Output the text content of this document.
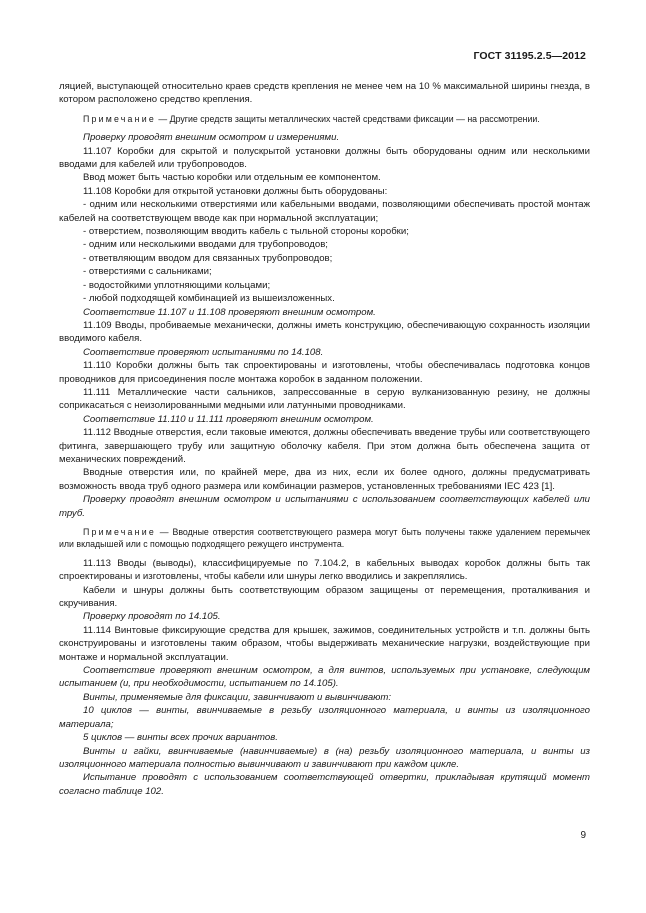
ГОСТ 31195.2.5—2012

ляцией, выступающей относительно краев средств крепления не менее чем на 10 % максимальной ширины гнезда, в котором расположено средство крепления.

Примечание — Другие средств защиты металлических частей средствами фиксации — на рассмотрении.

Проверку проводят внешним осмотром и измерениями.

11.107 Коробки для скрытой и полускрытой установки должны быть оборудованы одним или несколькими вводами для кабелей или трубопроводов.

Ввод может быть частью коробки или отдельным ее компонентом.

11.108 Коробки для открытой установки должны быть оборудованы:

- одним или несколькими отверстиями или кабельными вводами, позволяющими обеспечивать простой монтаж кабелей на соответствующем вводе как при нормальной эксплуатации;

- отверстием, позволяющим вводить кабель с тыльной стороны коробки;

- одним или несколькими вводами для трубопроводов;

- ответвляющим вводом для связанных трубопроводов;

- отверстиями с сальниками;

- водостойкими уплотняющими кольцами;

- любой подходящей комбинацией из вышеизложенных.

Соответствие 11.107 и 11.108 проверяют внешним осмотром.

11.109 Вводы, пробиваемые механически, должны иметь конструкцию, обеспечивающую сохранность изоляции вводимого кабеля.

Соответствие проверяют испытаниями по 14.108.

11.110 Коробки должны быть так спроектированы и изготовлены, чтобы обеспечивалась подготовка концов проводников для присоединения после монтажа коробок в заданном положении.

11.111 Металлические части сальников, запрессованные в серую вулканизованную резину, не должны соприкасаться с неизолированными медными или латунными проводниками.

Соответствие 11.110 и 11.111 проверяют внешним осмотром.

11.112 Вводные отверстия, если таковые имеются, должны обеспечивать введение трубы или соответствующего фитинга, завершающего трубу или защитную оболочку кабеля. При этом должна быть обеспечена защита от механических повреждений.

Вводные отверстия или, по крайней мере, два из них, если их более одного, должны предусматривать возможность ввода труб одного размера или комбинации размеров, установленных требованиями IEC 423 [1].

Проверку проводят внешним осмотром и испытаниями с использованием соответствующих кабелей или труб.

Примечание — Вводные отверстия соответствующего размера могут быть получены также удалением перемычек или вкладышей или с помощью подходящего режущего инструмента.

11.113 Вводы (выводы), классифицируемые по 7.104.2, в кабельных выводах коробок должны быть так спроектированы и изготовлены, чтобы кабели или шнуры легко вводились и закреплялись.

Кабели и шнуры должны быть соответствующим образом защищены от перемещения, проталкивания и скручивания.

Проверку проводят по 14.105.

11.114 Винтовые фиксирующие средства для крышек, зажимов, соединительных устройств и т.п. должны быть сконструированы и изготовлены таким образом, чтобы выдерживать механические нагрузки, воздействующие при монтаже и нормальной эксплуатации.

Соответствие проверяют внешним осмотром, а для винтов, используемых при установке, следующим испытанием (и, при необходимости, испытанием по 14.105).

Винты, применяемые для фиксации, завинчивают и вывинчивают:

10 циклов — винты, ввинчиваемые в резьбу изоляционного материала, и винты из изоляционного материала;

5 циклов — винты всех прочих вариантов.

Винты и гайки, ввинчиваемые (навинчиваемые) в (на) резьбу изоляционного материала, и винты из изоляционного материала полностью вывинчивают и завинчивают при каждом цикле.

Испытание проводят с использованием соответствующей отвертки, прикладывая крутящий момент согласно таблице 102.

9
